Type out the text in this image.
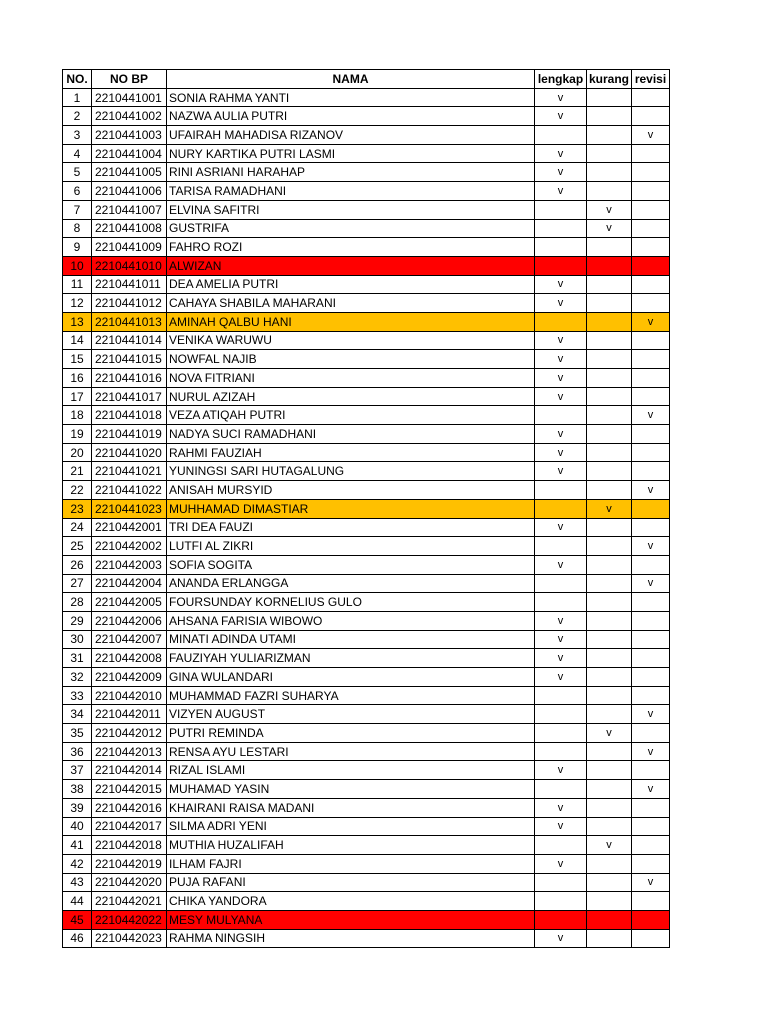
NO.	NO BP	NAMA	lengkap	kurang	revisi
1	2210441001	SONIA RAHMA YANTI	v		
2	2210441002	NAZWA AULIA PUTRI	v		
3	2210441003	UFAIRAH MAHADISA RIZANOV			v
4	2210441004	NURY KARTIKA PUTRI LASMI	v		
5	2210441005	RINI ASRIANI HARAHAP	v		
6	2210441006	TARISA RAMADHANI	v		
7	2210441007	ELVINA SAFITRI		v	
8	2210441008	GUSTRIFA		v	
9	2210441009	FAHRO ROZI			
10	2210441010	ALWIZAN			
11	2210441011	DEA AMELIA PUTRI	v		
12	2210441012	CAHAYA SHABILA MAHARANI	v		
13	2210441013	AMINAH QALBU HANI			v
14	2210441014	VENIKA WARUWU	v		
15	2210441015	NOWFAL NAJIB	v		
16	2210441016	NOVA FITRIANI	v		
17	2210441017	NURUL AZIZAH	v		
18	2210441018	VEZA ATIQAH PUTRI			v
19	2210441019	NADYA SUCI RAMADHANI	v		
20	2210441020	RAHMI FAUZIAH	v		
21	2210441021	YUNINGSI SARI HUTAGALUNG	v		
22	2210441022	ANISAH MURSYID			v
23	2210441023	MUHHAMAD DIMASTIAR		v	
24	2210442001	TRI DEA FAUZI	v		
25	2210442002	LUTFI AL ZIKRI			v
26	2210442003	SOFIA SOGITA	v		
27	2210442004	ANANDA ERLANGGA			v
28	2210442005	FOURSUNDAY KORNELIUS GULO			
29	2210442006	AHSANA FARISIA WIBOWO	v		
30	2210442007	MINATI ADINDA UTAMI	v		
31	2210442008	FAUZIYAH YULIARIZMAN	v		
32	2210442009	GINA WULANDARI	v		
33	2210442010	MUHAMMAD FAZRI SUHARYA			
34	2210442011	VIZYEN AUGUST			v
35	2210442012	PUTRI REMINDA		v	
36	2210442013	RENSA AYU LESTARI			v
37	2210442014	RIZAL ISLAMI	v		
38	2210442015	MUHAMAD YASIN			v
39	2210442016	KHAIRANI RAISA MADANI	v		
40	2210442017	SILMA ADRI YENI	v		
41	2210442018	MUTHIA HUZALIFAH		v	
42	2210442019	ILHAM FAJRI	v		
43	2210442020	PUJA RAFANI			v
44	2210442021	CHIKA YANDORA			
45	2210442022	MESY MULYANA			
46	2210442023	RAHMA NINGSIH	v		
